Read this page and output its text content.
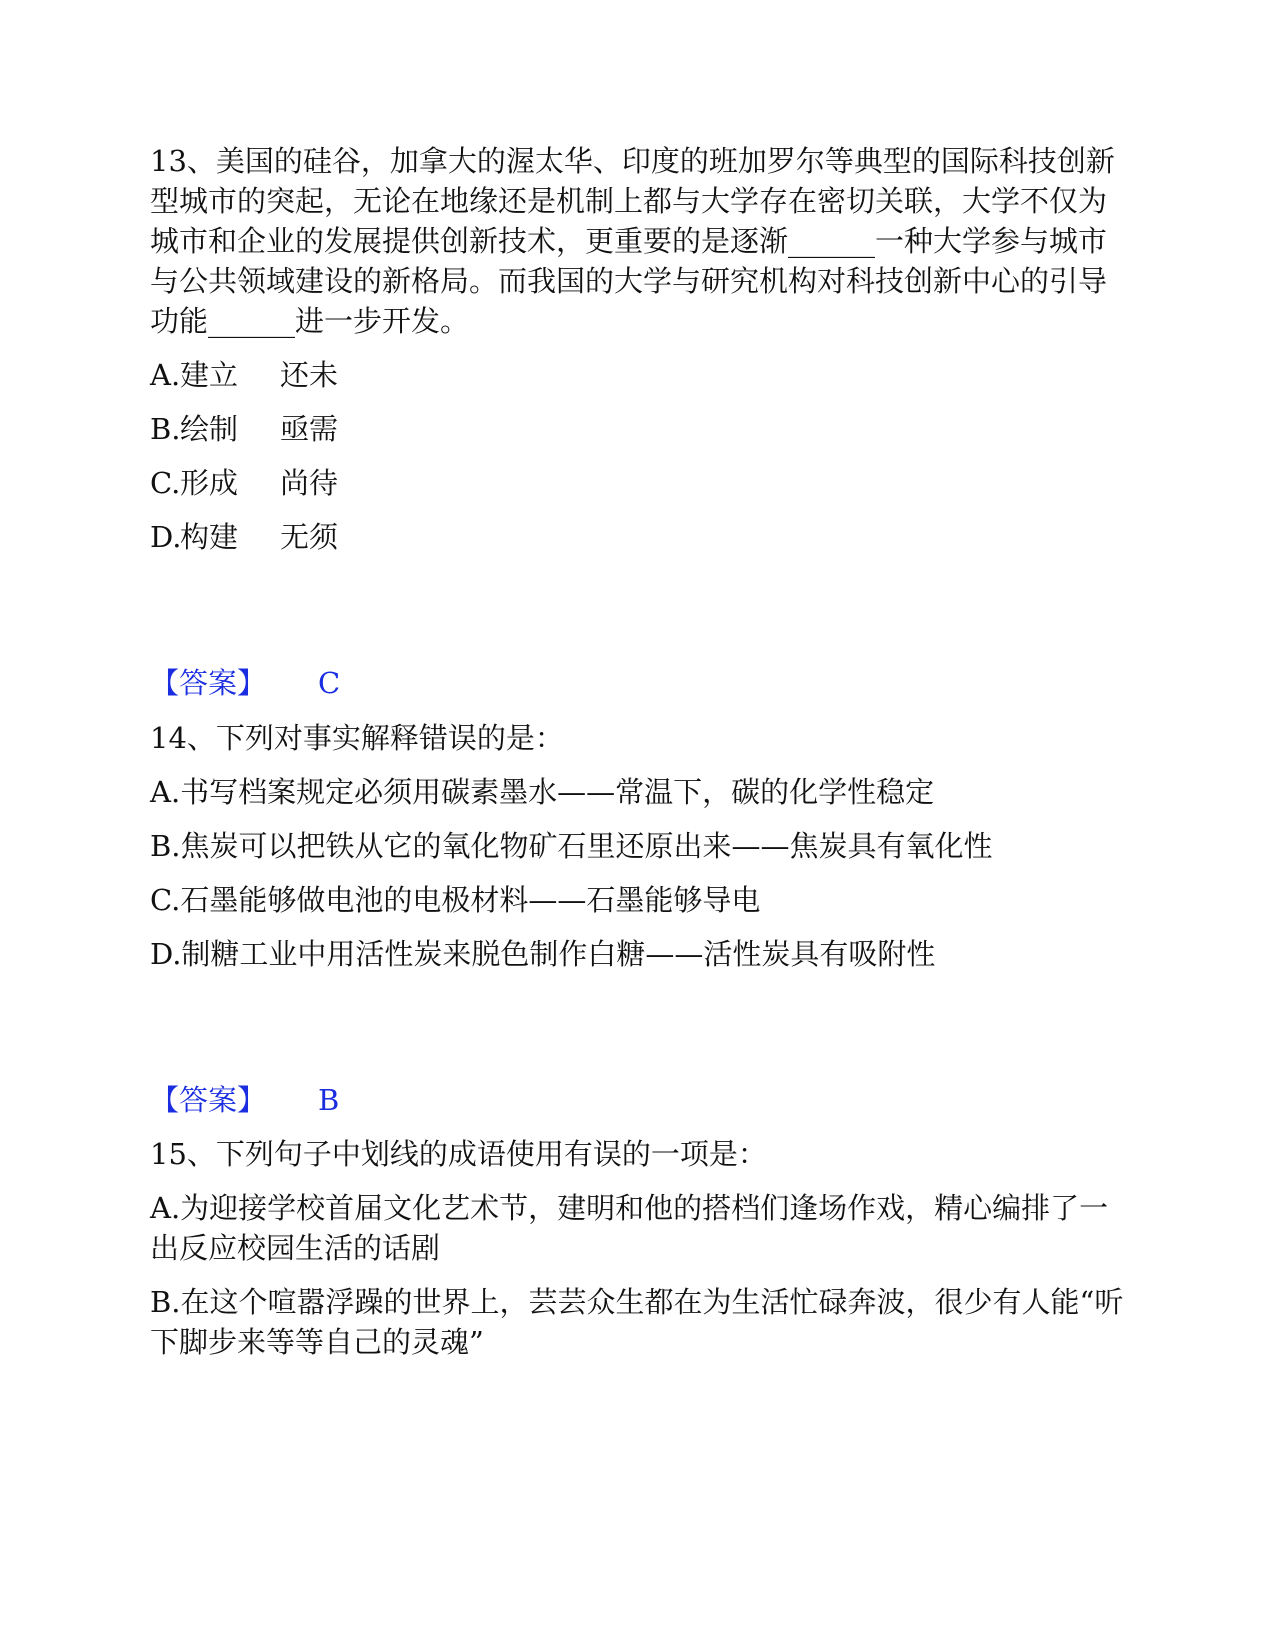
13、美国的硅谷，加拿大的渥太华、印度的班加罗尔等典型的国际科技创新
型城市的突起，无论在地缘还是机制上都与大学存在密切关联，大学不仅为
城市和企业的发展提供创新技术，更重要的是逐渐______一种大学参与城市
与公共领域建设的新格局。而我国的大学与研究机构对科技创新中心的引导
功能______进一步开发。
A.建立 还未
B.绘制 亟需
C.形成 尚待
D.构建 无须
【答案】 C
14、下列对事实解释错误的是：
A.书写档案规定必须用碳素墨水——常温下，碳的化学性稳定
B.焦炭可以把铁从它的氧化物矿石里还原出来——焦炭具有氧化性
C.石墨能够做电池的电极材料——石墨能够导电
D.制糖工业中用活性炭来脱色制作白糖——活性炭具有吸附性
【答案】 B
15、下列句子中划线的成语使用有误的一项是：
A.为迎接学校首届文化艺术节，建明和他的搭档们逢场作戏，精心编排了一
出反应校园生活的话剧
B.在这个喧嚣浮躁的世界上，芸芸众生都在为生活忙碌奔波，很少有人能“听
下脚步来等等自己的灵魂”
